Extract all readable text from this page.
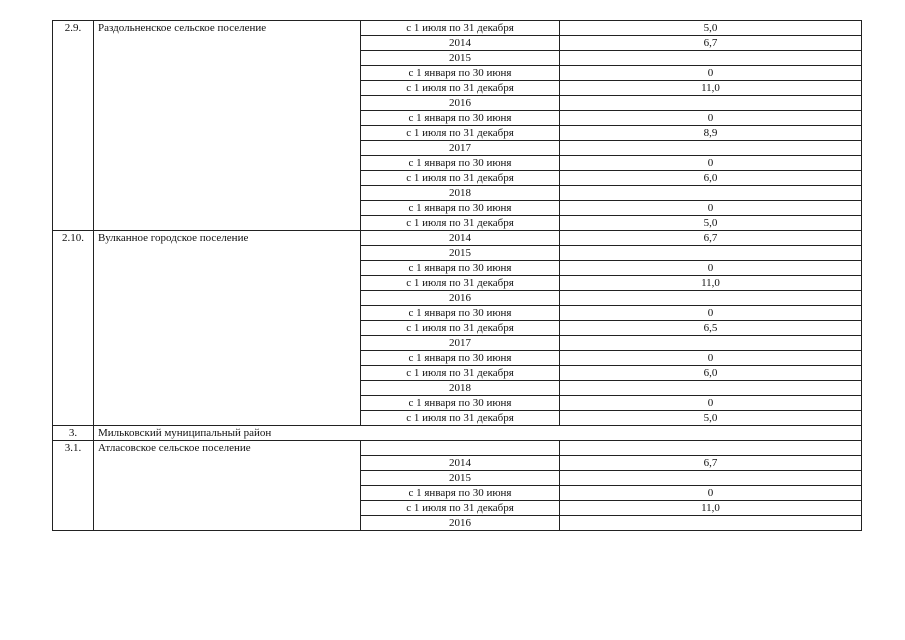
2.9.	Раздольненское сельское поселение	с 1 июля по 31 декабря	5,0
		2014	6,7
		2015	
		с 1 января по 30 июня	0
		с 1 июля по 31 декабря	11,0
		2016	
		с 1 января по 30 июня	0
		с 1 июля по 31 декабря	8,9
		2017	
		с 1 января по 30 июня	0
		с 1 июля по 31 декабря	6,0
		2018	
		с 1 января по 30 июня	0
		с 1 июля по 31 декабря	5,0
2.10.	Вулканное городское поселение	2014	6,7
		2015	
		с 1 января по 30 июня	0
		с 1 июля по 31 декабря	11,0
		2016	
		с 1 января по 30 июня	0
		с 1 июля по 31 декабря	6,5
		2017	
		с 1 января по 30 июня	0
		с 1 июля по 31 декабря	6,0
		2018	
		с 1 января по 30 июня	0
		с 1 июля по 31 декабря	5,0
3.	Мильковский муниципальный район		
3.1.	Атласовское сельское поселение		
		2014	6,7
		2015	
		с 1 января по 30 июня	0
		с 1 июля по 31 декабря	11,0
		2016	
